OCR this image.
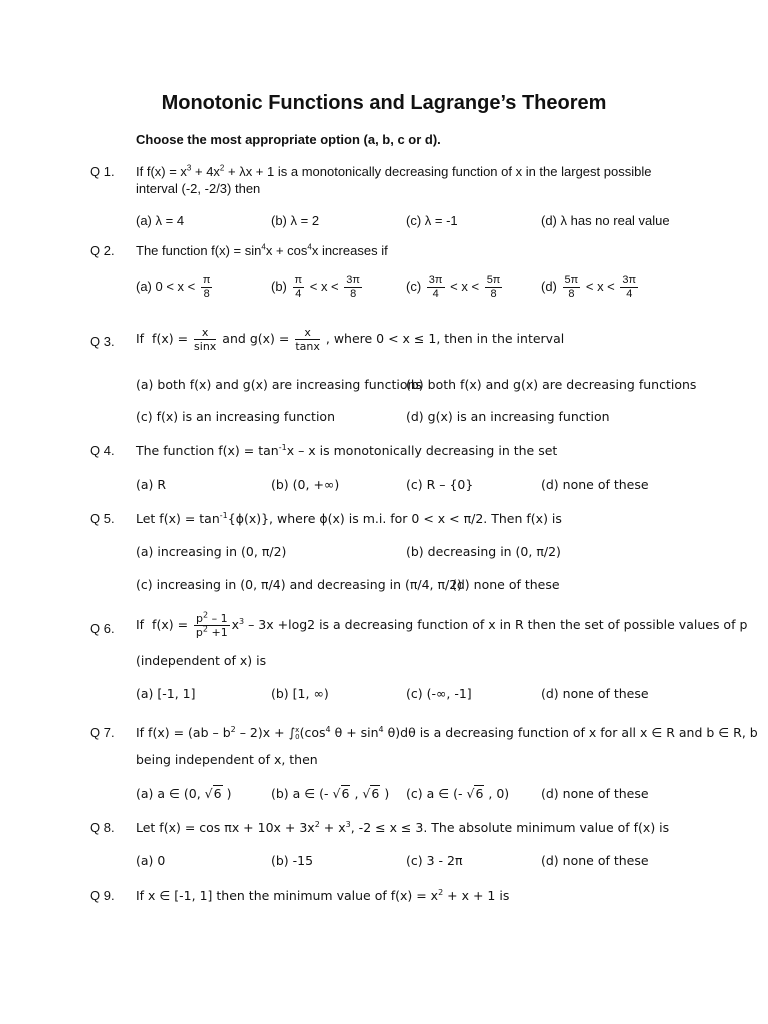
Monotonic Functions and Lagrange’s Theorem
Choose the most appropriate option (a, b, c or d).
Q 1. If $f(x) = x^3 + 4x^2 + \lambda x + 1$ is a monotonically decreasing function of x in the largest possible
interval (-2, -2/3) then
(a) λ = 4	(b) λ = 2	(c) λ = -1	(d) λ has no real value
Q 2. The function $f(x) = \sin^4x + \cos^4x$ increases if
(a) $0 < x < \frac{\pi}{8}$	$(b) \frac{\pi}{4} < x < \frac{3\pi}{8}$	$(c) \frac{3\pi}{4} < x < \frac{5\pi}{8}$	$(d) \frac{5\pi}{8} < x < \frac{3\pi}{4}$
Q 3. If $f(x) = \frac{x}{\sin x}$ and $g(x) = \frac{x}{\tan x}$ , where 0 < x ≤ 1, then in the interval
(a) both f(x) and g(x) are increasing functions
(b) both f(x) and g(x) are decreasing functions
(c) f(x) is an increasing function	(d) g(x) is an increasing function
Q 4. The function $f(x) = \tan^{-1}x - x$ is monotonically decreasing in the set
(a) R	(b) (0, +∞)	(c) R – {0}	(d) none of these
Q 5. Let $f(x) = \tan^{-1}\{\phi(x)\}$, where ϕ(x) is m.i. for 0 < x < π/2. Then f(x) is
(a) increasing in (0, π/2)	(b) decreasing in (0, π/2)
(c) increasing in (0, π/4) and decreasing in (π/4, π/2)
(d) none of these
Q 6. If $f(x) = \frac{p^2 - 1}{p^2 +1} x^3 - 3x +\log 2$ is a decreasing function of x in R then the set of possible values of p
(independent of x) is
(a) [-1, 1]	(b) [1, ∞)	(c) (-∞, -1]	(d) none of these
Q 7. If $f(x) = (ab - b^2 - 2)x$ + ∫ x
0 ($\cos^4$ $\theta + \sin^4 \theta)d\theta$ is a decreasing function of x for all x ∈ R and b ∈ R, b
being independent of x, then
(a) a ∈ (0, √6 )	(b) a ∈ (- √6 , √6 ) (c) a ∈ (- √6 , 0)	(d) none of these
Q 8. Let $f(x) = \cos \pi x + 10x + 3x^2 + x^3$, -2 ≤ x ≤ 3. The absolute minimum value of f(x) is
(a) 0	(b) -15	(c) 3 - 2π	(d) none of these
Q 9. If x ∈ [-1, 1] then the minimum value of $f(x) = x^2 + x + 1$ is
